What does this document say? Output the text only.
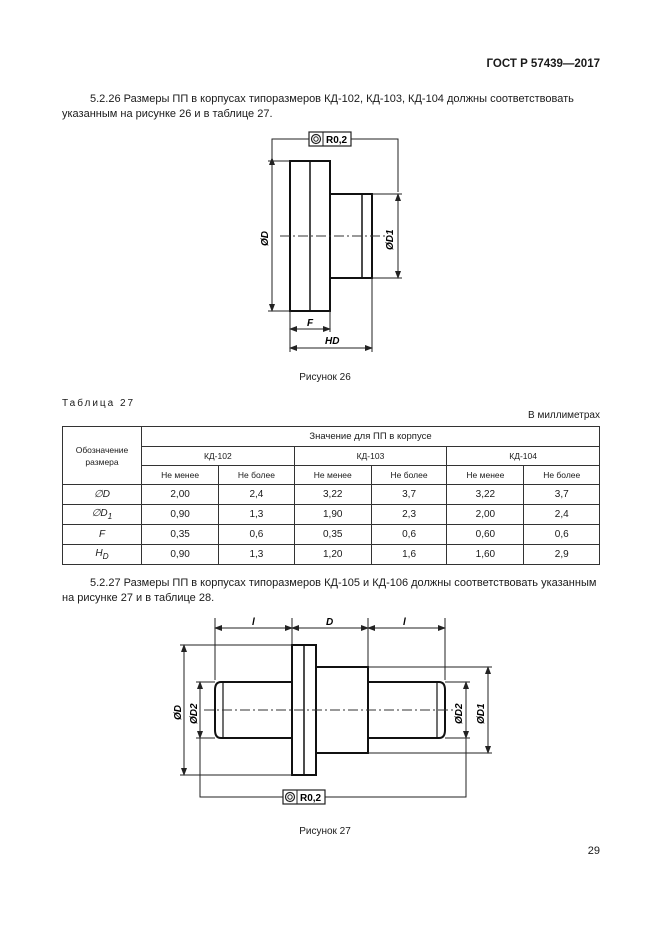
ГОСТ Р 57439—2017
5.2.26 Размеры ПП в корпусах типоразмеров КД-102, КД-103, КД-104 должны соответствовать
указанным на рисунке 26 и в таблице 27.
R0,2
ØD	ØD1
F
HD
Рисунок 26
Таблица 27
В миллиметрах
Обозначение размера	Значение для ПП в корпусе					
	КД-102		КД-103		КД-104	
	Не менее	Не более	Не менее	Не более	Не менее	Не более
∅D	2,00	2,4	3,22	3,7	3,22	3,7
$\emptyset D_1$	0,90	1,3	1,90	2,3	2,00	2,4
F	0,35	0,6	0,35	0,6	0,60	0,6
$H_D$	0,90	1,3	1,20	1,6	1,60	2,9
5.2.27 Размеры ПП в корпусах типоразмеров КД-105 и КД-106 должны соответствовать указанным
на рисунке 27 и в таблице 28.
l	D	l
ØD ØD2	ØD2 ØD1
R0,2
Рисунок 27
29
